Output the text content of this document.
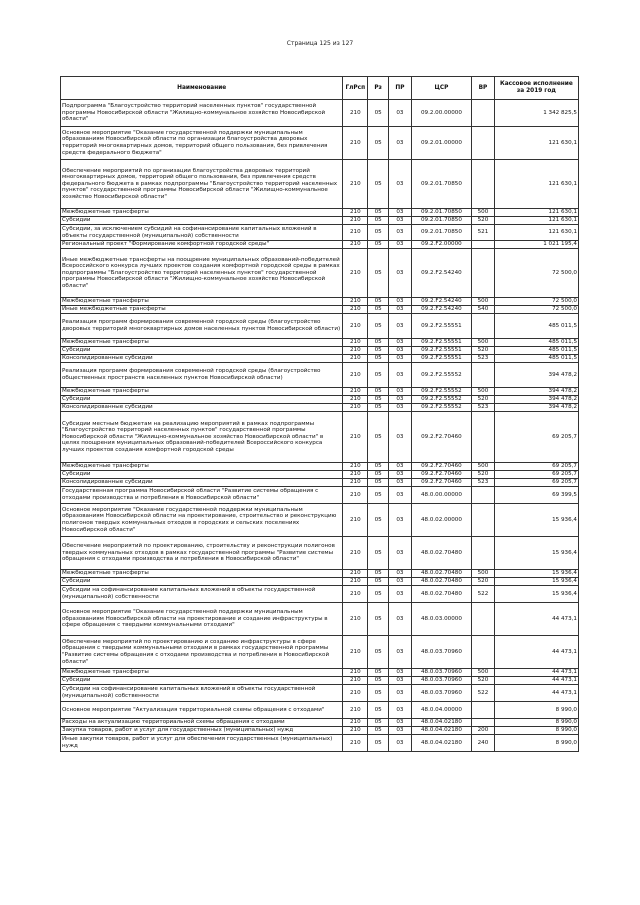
Страница 125 из 127
Наименование	ГлРсп	Рз	ПР	ЦСР	ВР	Кассовое исполнение за 2019 год
Подпрограмма "Благоустройство территорий населенных пунктов" государственной программы Новосибирской области "Жилищно-коммунальное хозяйство Новосибирской области"	210	05	03	09.2.00.00000		1 342 825,5
Основное мероприятие "Оказание государственной поддержки муниципальным образованиям Новосибирской области по организации благоустройства дворовых территорий многоквартирных домов, территорий общего пользования, без привлечения средств федерального бюджета"	210	05	03	09.2.01.00000		121 630,1
Обеспечение мероприятий по организации благоустройства дворовых территорий многоквартирных домов, территорий общего пользования, без привлечения средств федерального бюджета в рамках подпрограммы "Благоустройство территорий населенных пунктов" государственной программы Новосибирской области "Жилищно-коммунальное хозяйство Новосибирской области"	210	05	03	09.2.01.70850		121 630,1
Межбюджетные трансферты	210	05	03	09.2.01.70850	500	121 630,1
Субсидии	210	05	03	09.2.01.70850	520	121 630,1
Субсидии, за исключением субсидий на софинансирование капитальных вложений в объекты государственной (муниципальной) собственности	210	05	03	09.2.01.70850	521	121 630,1
Региональный проект "Формирование комфортной городской среды"	210	05	03	09.2.F2.00000		1 021 195,4
Иные межбюджетные трансферты на поощрение муниципальных образований-победителей Всероссийского конкурса лучших проектов создания комфортной городской среды в рамках подпрограммы "Благоустройство территорий населенных пунктов" государственной программы Новосибирской области "Жилищно-коммунальное хозяйство Новосибирской области"	210	05	03	09.2.F2.54240		72 500,0
Межбюджетные трансферты	210	05	03	09.2.F2.54240	500	72 500,0
Иные межбюджетные трансферты	210	05	03	09.2.F2.54240	540	72 500,0
Реализация программ формирования современной городской среды (благоустройство дворовых территорий многоквартирных домов населенных пунктов Новосибирской области)	210	05	03	09.2.F2.55551		485 011,5
Межбюджетные трансферты	210	05	03	09.2.F2.55551	500	485 011,5
Субсидии	210	05	03	09.2.F2.55551	520	485 011,5
Консолидированные субсидии	210	05	03	09.2.F2.55551	523	485 011,5
Реализация программ формирования современной городской среды (благоустройство общественных пространств населенных пунктов Новосибирской области)	210	05	03	09.2.F2.55552		394 478,2
Межбюджетные трансферты	210	05	03	09.2.F2.55552	500	394 478,2
Субсидии	210	05	03	09.2.F2.55552	520	394 478,2
Консолидированные субсидии	210	05	03	09.2.F2.55552	523	394 478,2
Субсидии местным бюджетам на реализацию мероприятий в рамках подпрограммы "Благоустройство территорий населенных пунктов" государственной программы Новосибирской области "Жилищно-коммунальное хозяйство Новосибирской области" в целях поощрения муниципальных образований-победителей Всероссийского конкурса лучших проектов создания комфортной городской среды	210	05	03	09.2.F2.70460		69 205,7
Межбюджетные трансферты	210	05	03	09.2.F2.70460	500	69 205,7
Субсидии	210	05	03	09.2.F2.70460	520	69 205,7
Консолидированные субсидии	210	05	03	09.2.F2.70460	523	69 205,7
Государственная программа Новосибирской области "Развитие системы обращения с отходами производства и потребления в Новосибирской области"	210	05	03	48.0.00.00000		69 399,5
Основное мероприятие "Оказание государственной поддержки муниципальным образованиям Новосибирской области на проектирование, строительство и реконструкцию полигонов твердых коммунальных отходов в городских и сельских поселениях Новосибирской области"	210	05	03	48.0.02.00000		15 936,4
Обеспечение мероприятий по проектированию, строительству и реконструкции полигонов твердых коммунальных отходов в рамках государственной программы "Развитие системы обращения с отходами производства и потребления в Новосибирской области"	210	05	03	48.0.02.70480		15 936,4
Межбюджетные трансферты	210	05	03	48.0.02.70480	500	15 936,4
Субсидии	210	05	03	48.0.02.70480	520	15 936,4
Субсидии на софинансирование капитальных вложений в объекты государственной (муниципальной) собственности	210	05	03	48.0.02.70480	522	15 936,4
Основное мероприятие "Оказание государственной поддержки муниципальным образованиям Новосибирской области на проектирование и создание инфраструктуры в сфере обращения с твердыми коммунальными отходами"	210	05	03	48.0.03.00000		44 473,1
Обеспечение мероприятий по проектированию и созданию инфраструктуры в сфере обращения с твердыми коммунальными отходами в рамках государственной программы "Развитие системы обращения с отходами производства и потребления в Новосибирской области"	210	05	03	48.0.03.70960		44 473,1
Межбюджетные трансферты	210	05	03	48.0.03.70960	500	44 473,1
Субсидии	210	05	03	48.0.03.70960	520	44 473,1
Субсидии на софинансирование капитальных вложений в объекты государственной (муниципальной) собственности	210	05	03	48.0.03.70960	522	44 473,1
Основное мероприятие "Актуализация территориальной схемы обращения с отходами"	210	05	03	48.0.04.00000		8 990,0
Расходы на актуализацию территориальной схемы обращения с отходами	210	05	03	48.0.04.02180		8 990,0
Закупка товаров, работ и услуг для государственных (муниципальных) нужд	210	05	03	48.0.04.02180	200	8 990,0
Иные закупки товаров, работ и услуг для обеспечения государственных (муниципальных) нужд	210	05	03	48.0.04.02180	240	8 990,0
